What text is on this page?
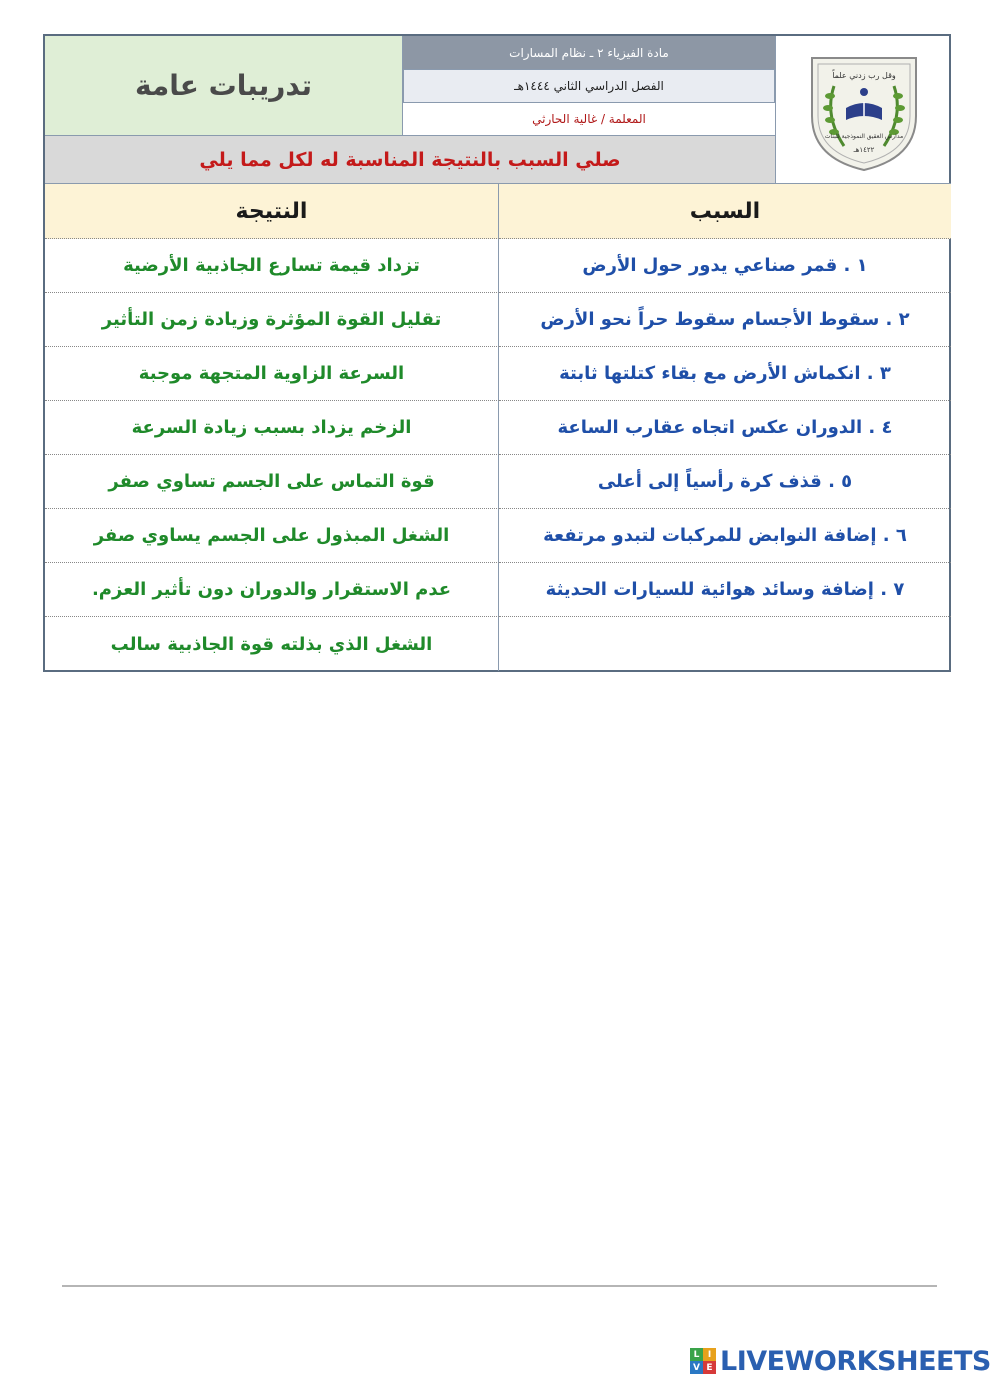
تدريبات عامة
مادة الفيزياء ٢ ـ نظام المسارات
الفصل الدراسي الثاني ١٤٤٤هـ
المعلمة / غالية الحارثي
وقل رب زدني علماً
مدارس العقيق النموذجية للبنات
١٤٢٢هـ
صلي السبب بالنتيجة المناسبة له لكل مما يلي
السبب
النتيجة
١ . قمر صناعي يدور حول الأرض
تزداد قيمة تسارع الجاذبية الأرضية
٢ . سقوط الأجسام سقوط حراً نحو الأرض
تقليل القوة المؤثرة وزيادة زمن التأثير
٣ . انكماش الأرض مع بقاء كتلتها ثابتة
السرعة الزاوية المتجهة موجبة
٤ . الدوران عكس اتجاه عقارب الساعة
الزخم يزداد بسبب زيادة السرعة
٥ . قذف كرة رأسياً إلى أعلى
قوة التماس على الجسم تساوي صفر
٦ . إضافة النوابض للمركبات لتبدو مرتفعة
الشغل المبذول على الجسم يساوي صفر
٧ . إضافة وسائد هوائية للسيارات الحديثة
عدم الاستقرار والدوران دون تأثير العزم.
الشغل الذي بذلته قوة الجاذبية سالب
L I
V E LIVEWORKSHEETS
